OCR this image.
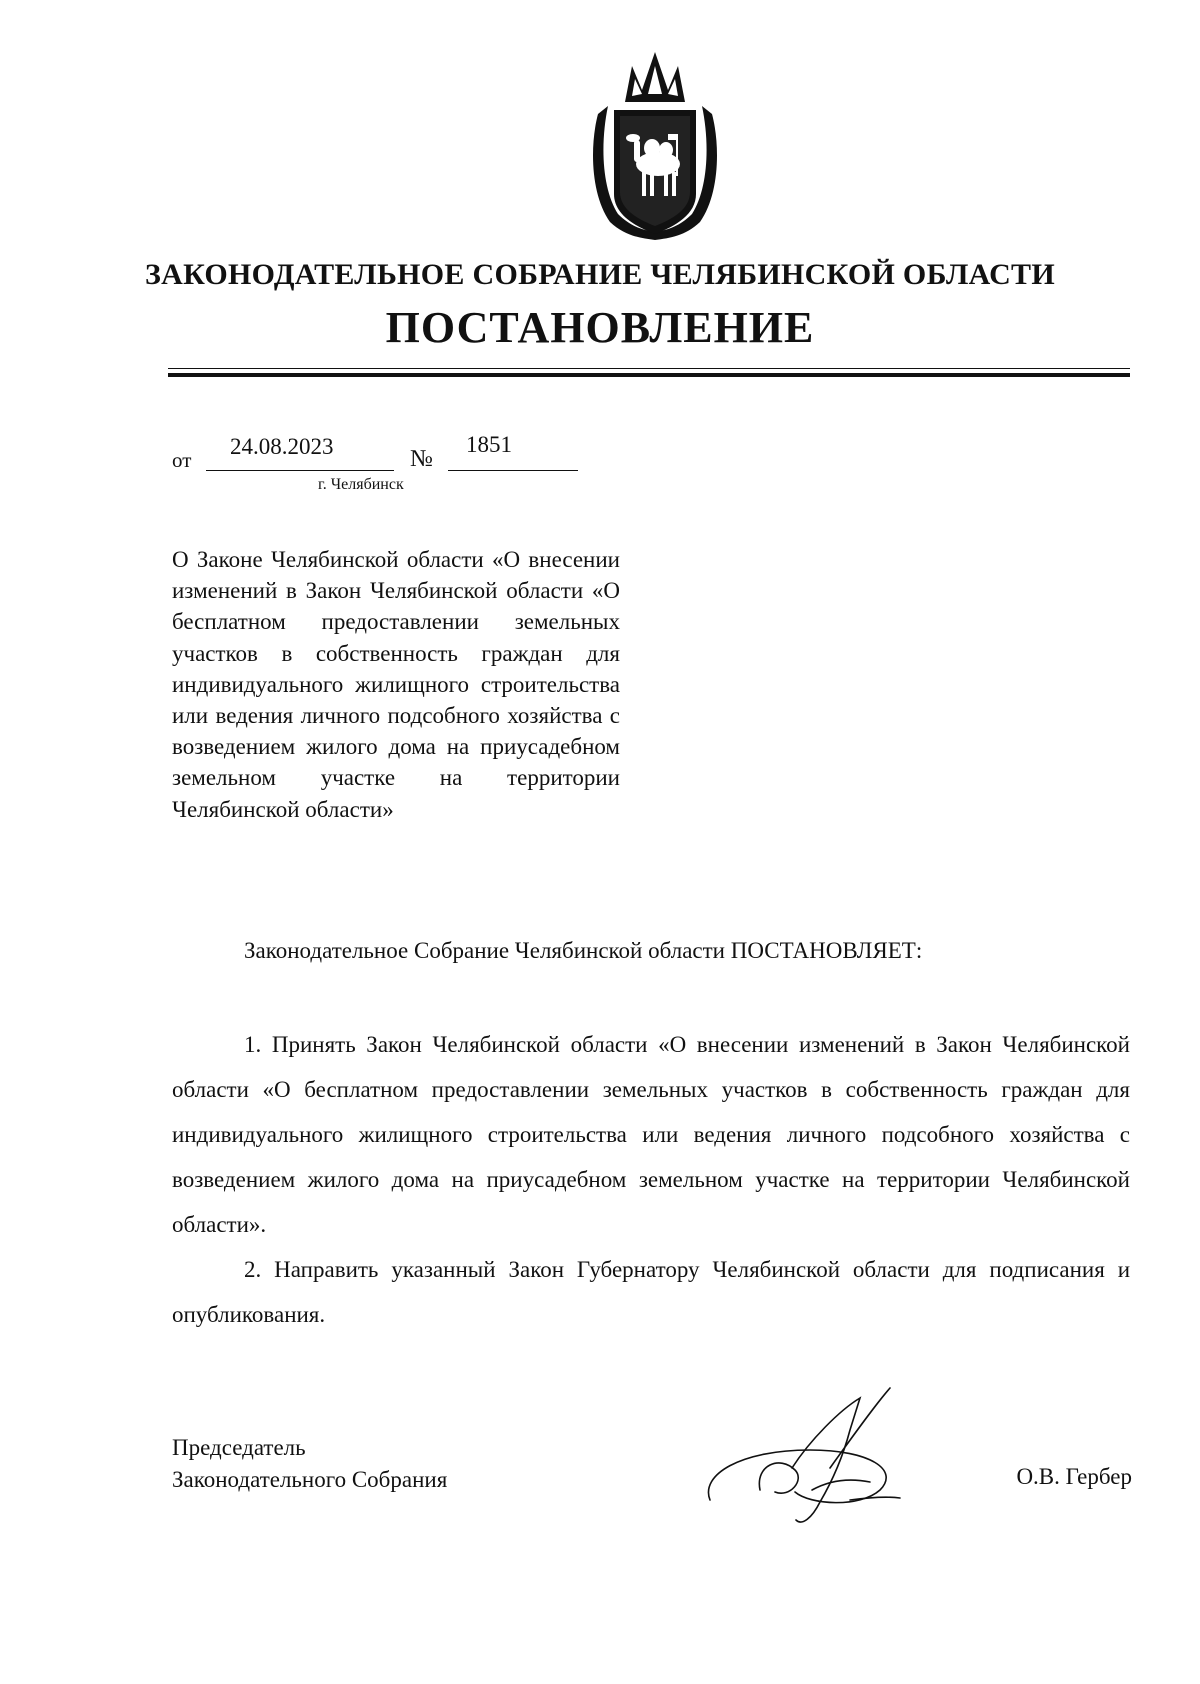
ЗАКОНОДАТЕЛЬНОЕ СОБРАНИЕ ЧЕЛЯБИНСКОЙ ОБЛАСТИ
ПОСТАНОВЛЕНИЕ
от
24.08.2023	№
1851
г. Челябинск
О Законе Челябинской области «О внесении изменений в Закон Челябинской области «О бесплатном предоставлении земельных участков в собственность граждан для индивидуального жилищного строительства или ведения личного подсобного хозяйства с возведением жилого дома на приусадебном земельном участке на территории Челябинской области»
Законодательное Собрание Челябинской области ПОСТАНОВЛЯЕТ:

1. Принять Закон Челябинской области «О внесении изменений в Закон Челябинской области «О бесплатном предоставлении земельных участков в собственность граждан для индивидуального жилищного строительства или ведения личного подсобного хозяйства с возведением жилого дома на приусадебном земельном участке на территории Челябинской области».

2. Направить указанный Закон Губернатору Челябинской области для подписания и опубликования.

Председатель
Законодательного Собрания	О.В. Гербер
